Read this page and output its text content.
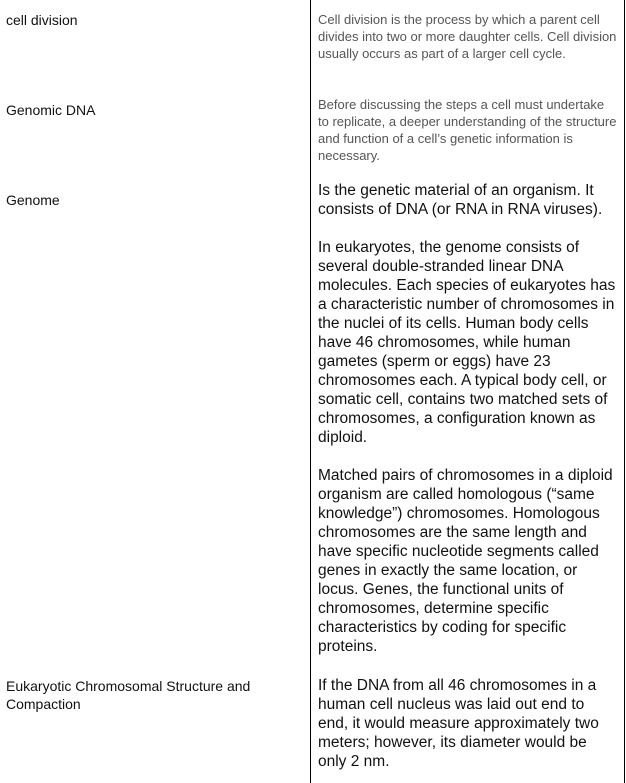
cell division	Cell division is the process by which a parent cell divides into two or more daughter cells. Cell division usually occurs as part of a larger cell cycle.
Genomic DNA	Before discussing the steps a cell must undertake to replicate, a deeper understanding of the structure and function of a cell’s genetic information is necessary.
Genome
Is the genetic material of an organism. It consists of DNA (or RNA in RNA viruses).
In eukaryotes, the genome consists of several double-stranded linear DNA molecules. Each species of eukaryotes has a characteristic number of chromosomes in the nuclei of its cells. Human body cells have 46 chromosomes, while human gametes (sperm or eggs) have 23 chromosomes each. A typical body cell, or somatic cell, contains two matched sets of chromosomes, a configuration known as diploid.
Matched pairs of chromosomes in a diploid organism are called homologous (“same knowledge”) chromosomes. Homologous chromosomes are the same length and have specific nucleotide segments called genes in exactly the same location, or locus. Genes, the functional units of chromosomes, determine specific characteristics by coding for specific proteins.
Eukaryotic Chromosomal Structure and Compaction
If the DNA from all 46 chromosomes in a human cell nucleus was laid out end to end, it would measure approximately two meters; however, its diameter would be only 2 nm.
